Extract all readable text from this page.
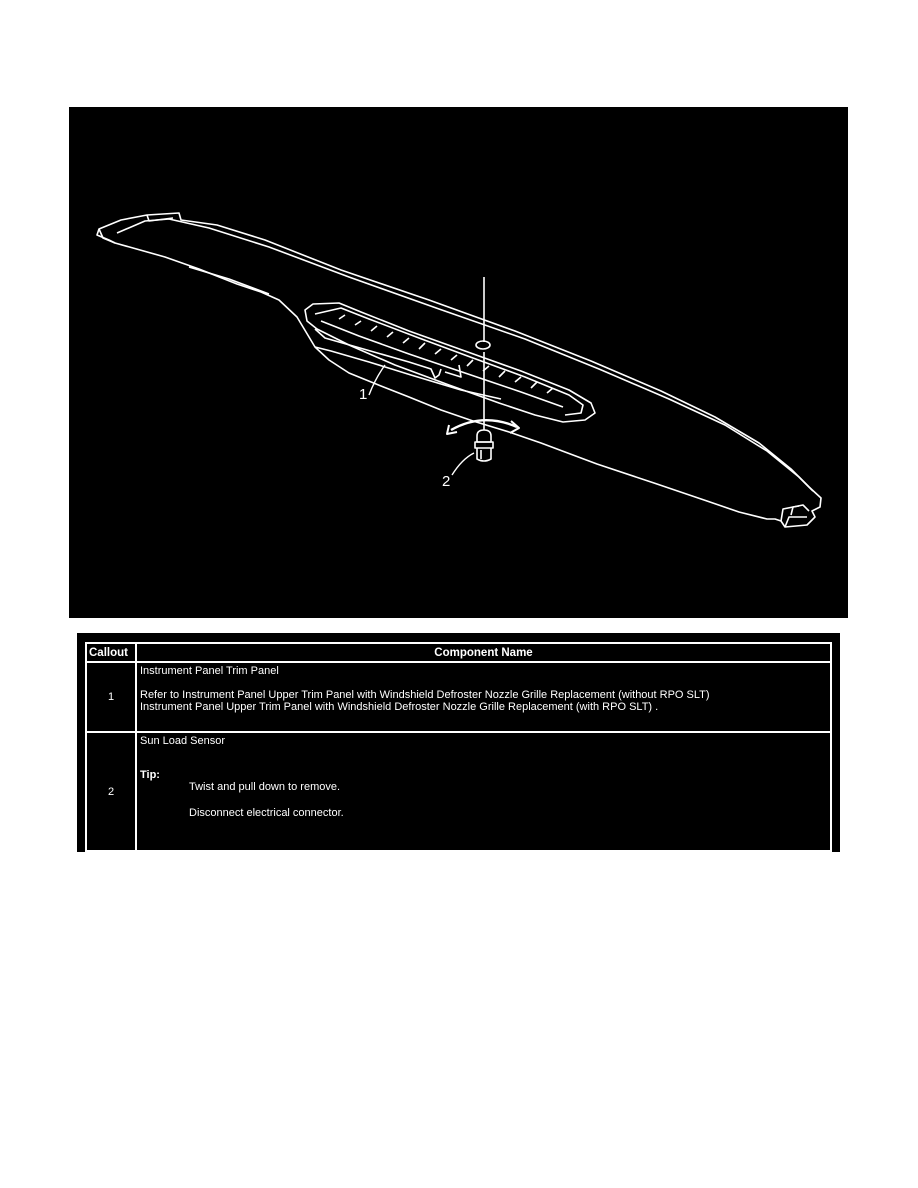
1
2
Callout	Component Name
1	Instrument Panel Trim Panel
Refer to Instrument Panel Upper Trim Panel with Windshield Defroster Nozzle Grille Replacement (without RPO SLT)
Instrument Panel Upper Trim Panel with Windshield Defroster Nozzle Grille Replacement (with RPO SLT) .

2	Sun Load Sensor
Tip:
Twist and pull down to remove.
Disconnect electrical connector.
